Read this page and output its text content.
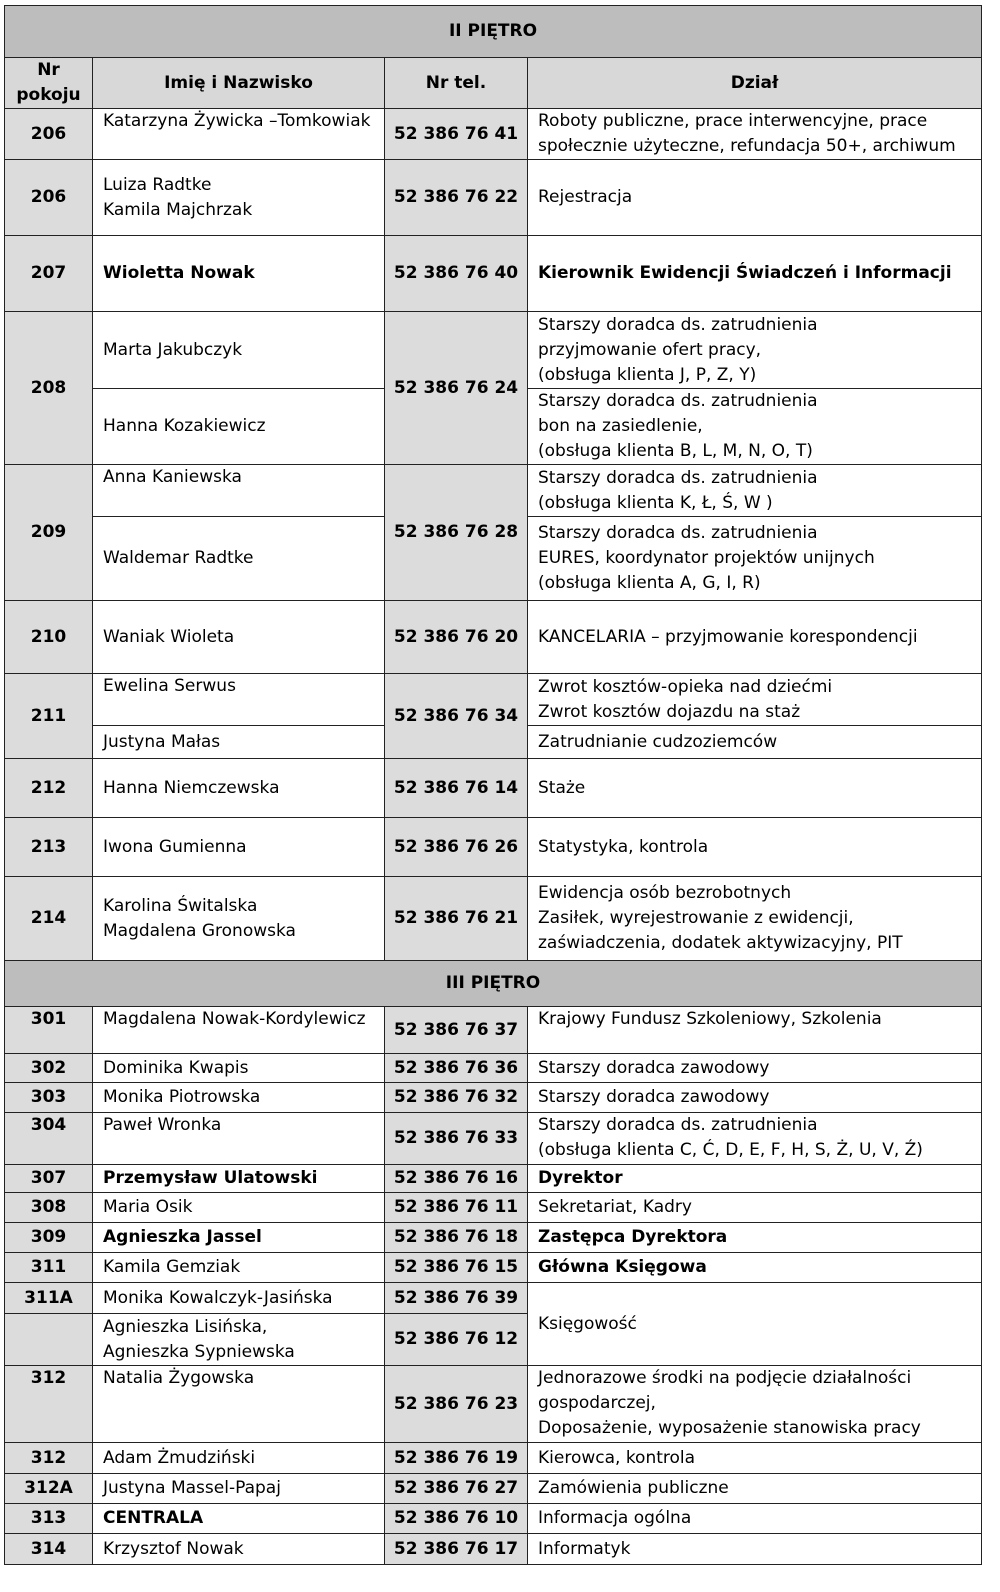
II PIĘTRO			

Nr
pokoju	Imię i Nazwisko	Nr tel.	Dział
206	Katarzyna Żywicka –Tomkowiak	52 386 76 41	Roboty publiczne, prace interwencyjne, prace
społecznie użyteczne, refundacja 50+, archiwum

206	Luiza Radtke
Kamila Majchrzak	52 386 76 22	Rejestracja

207	Wioletta Nowak	52 386 76 40	Kierownik Ewidencji Świadczeń i Informacji

208	Marta Jakubczyk	52 386 76 24	Starszy doradca ds. zatrudnienia
przyjmowanie ofert pracy,
(obsługa klienta J, P, Z, Y)

	Hanna Kozakiewicz		Starszy doradca ds. zatrudnienia
bon na zasiedlenie,
(obsługa klienta B, L, M, N, O, T)

209	Anna Kaniewska	52 386 76 28	Starszy doradca ds. zatrudnienia
(obsługa klienta K, Ł, Ś, W )

	Waldemar Radtke		Starszy doradca ds. zatrudnienia
EURES, koordynator projektów unijnych
(obsługa klienta A, G, I, R)

210	Waniak Wioleta	52 386 76 20	KANCELARIA – przyjmowanie korespondencji

211	Ewelina Serwus	52 386 76 34	Zwrot kosztów-opieka nad dziećmi
Zwrot kosztów dojazdu na staż

	Justyna Małas		Zatrudnianie cudzoziemców

212	Hanna Niemczewska	52 386 76 14	Staże

213	Iwona Gumienna	52 386 76 26	Statystyka, kontrola

214	Karolina Świtalska
Magdalena Gronowska	52 386 76 21	Ewidencja osób bezrobotnych
Zasiłek, wyrejestrowanie z ewidencji,
zaświadczenia, dodatek aktywizacyjny, PIT

III PIĘTRO			
301	Magdalena Nowak-Kordylewicz	52 386 76 37	Krajowy Fundusz Szkoleniowy, Szkolenia

302	Dominika Kwapis	52 386 76 36	Starszy doradca zawodowy

303	Monika Piotrowska	52 386 76 32	Starszy doradca zawodowy

304	Paweł Wronka	52 386 76 33	Starszy doradca ds. zatrudnienia
(obsługa klienta C, Ć, D, E, F, H, S, Ż, U, V, Ź)

307	Przemysław Ulatowski	52 386 76 16	Dyrektor

308	Maria Osik	52 386 76 11	Sekretariat, Kadry

309	Agnieszka Jassel	52 386 76 18	Zastępca Dyrektora

311	Kamila Gemziak	52 386 76 15	Główna Księgowa

311A	Monika Kowalczyk-Jasińska	52 386 76 39	Księgowość

	Agnieszka Lisińska,
Agnieszka Sypniewska	52 386 76 12	
312	Natalia Żygowska	52 386 76 23	Jednorazowe środki na podjęcie działalności
gospodarczej,
Doposażenie, wyposażenie stanowiska pracy

312	Adam Żmudziński	52 386 76 19	Kierowca, kontrola

312A	Justyna Massel-Papaj	52 386 76 27	Zamówienia publiczne

313	CENTRALA	52 386 76 10	Informacja ogólna

314	Krzysztof Nowak	52 386 76 17	Informatyk
